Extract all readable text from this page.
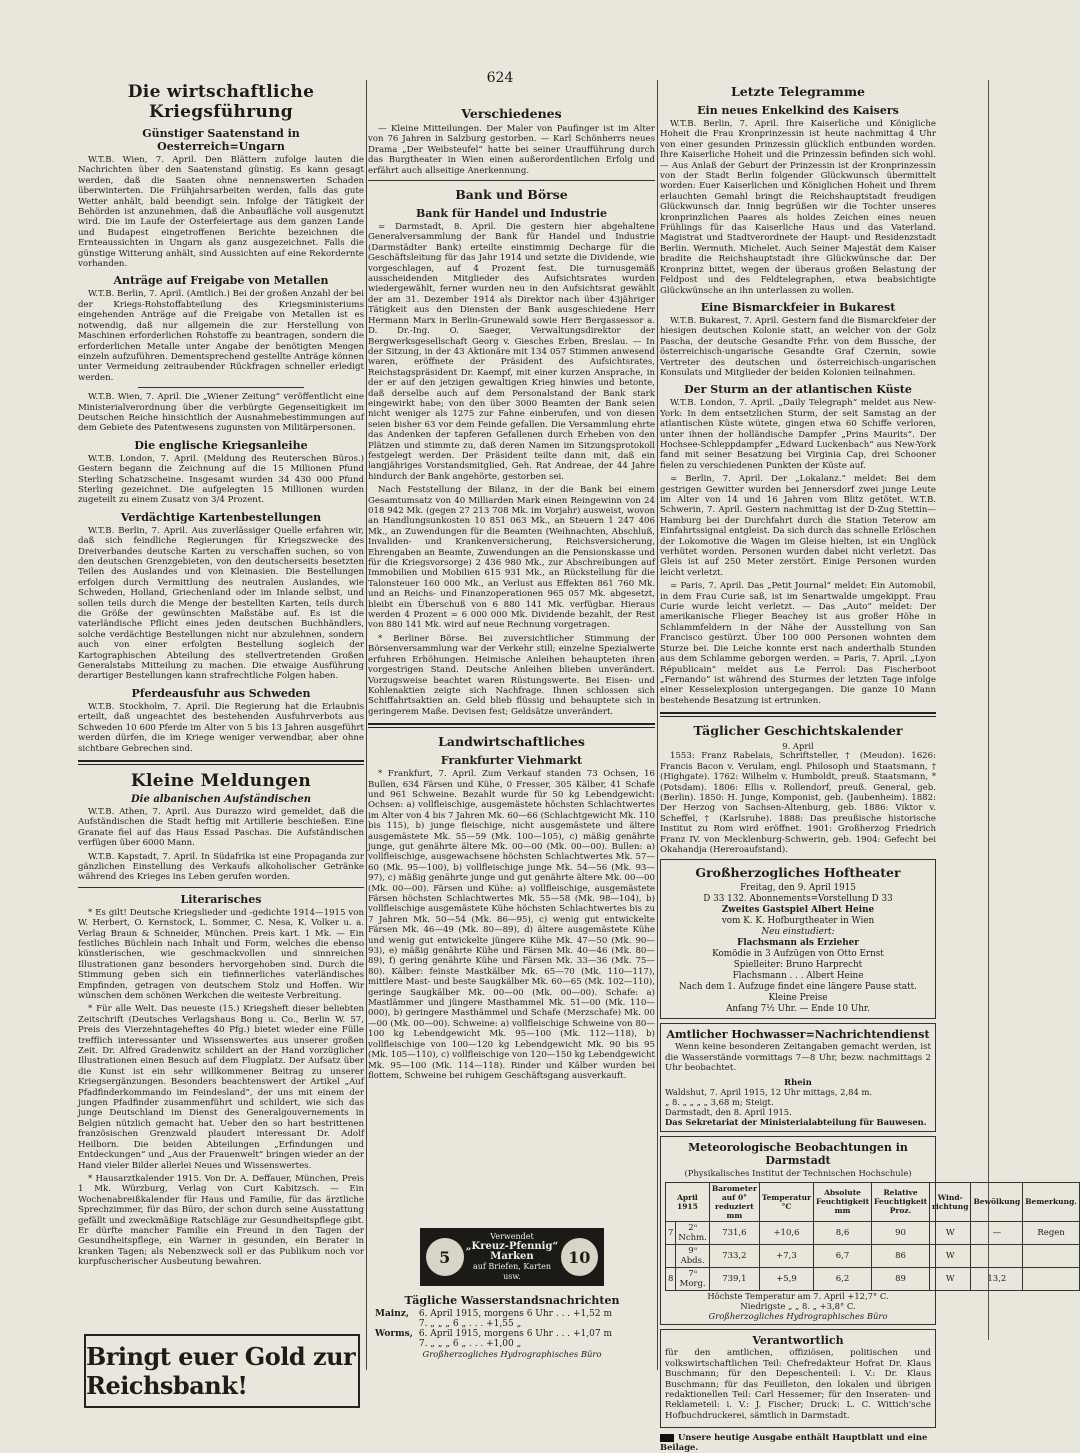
624
Die wirtschaftliche Kriegsführung
Günstiger Saatenstand in Oesterreich=Ungarn

W.T.B. Wien, 7. April. Den Blättern zufolge lauten die Nachrichten über den Saatenstand günstig. Es kann gesagt werden, daß die Saaten ohne nennenswerten Schaden überwinterten. Die Frühjahrsarbeiten werden, falls das gute Wetter anhält, bald beendigt sein. Infolge der Tätigkeit der Behörden ist anzunehmen, daß die Anbaufläche voll ausgenutzt wird. Die im Laufe der Osterfeiertage aus dem ganzen Lande und Budapest eingetroffenen Berichte bezeichnen die Ernteaussichten in Ungarn als ganz ausgezeichnet. Falls die günstige Witterung anhält, sind Aussichten auf eine Rekordernte vorhanden.

Anträge auf Freigabe von Metallen

W.T.B. Berlin, 7. April. (Amtlich.) Bei der großen Anzahl der bei der Kriegs-Rohstoffabteilung des Kriegsministeriums eingehenden Anträge auf die Freigabe von Metallen ist es notwendig, daß nur allgemein die zur Herstellung von Maschinen erforderlichen Rohstoffe zu beantragen, sondern die erforderlichen Metalle unter Angabe der benötigten Mengen einzeln aufzuführen. Dementsprechend gestellte Anträge können unter Vermeidung zeitraubender Rückfragen schneller erledigt werden.

W.T.B. Wien, 7. April. Die „Wiener Zeitung“ veröffentlicht eine Ministerialverordnung über die verbürgte Gegenseitigkeit im Deutschen Reiche hinsichtlich der Ausnahmebestimmungen auf dem Gebiete des Patentwesens zugunsten von Militärpersonen.

Die englische Kriegsanleihe

W.T.B. London, 7. April. (Meldung des Reuterschen Büros.) Gestern begann die Zeichnung auf die 15 Millionen Pfund Sterling Schatzscheine. Insgesamt wurden 34 430 000 Pfund Sterling gezeichnet. Die aufgelegten 15 Millionen wurden zugeteilt zu einem Zusatz von 3/4 Prozent.

Verdächtige Kartenbestellungen

W.T.B. Berlin, 7. April. Aus zuverlässiger Quelle erfahren wir, daß sich feindliche Regierungen für Kriegszwecke des Dreiverbandes deutsche Karten zu verschaffen suchen, so von den deutschen Grenzgebieten, von den deutscherseits besetzten Teilen des Auslandes und von Kleinasien. Die Bestellungen erfolgen durch Vermittlung des neutralen Auslandes, wie Schweden, Holland, Griechenland oder im Inlande selbst, und sollen teils durch die Menge der bestellten Karten, teils durch die Größe der gewünschten Maßstäbe auf. Es ist die vaterländische Pflicht eines jeden deutschen Buchhändlers, solche verdächtige Bestellungen nicht nur abzulehnen, sondern auch von einer erfolgten Bestellung sogleich der Kartographischen Abteilung des stellvertretenden Großen Generalstabs Mitteilung zu machen. Die etwaige Ausführung derartiger Bestellungen kann strafrechtliche Folgen haben.

Pferdeausfuhr aus Schweden

W.T.B. Stockholm, 7. April. Die Regierung hat die Erlaubnis erteilt, daß ungeachtet des bestehenden Ausfuhrverbots aus Schweden 10 600 Pferde im Alter von 5 bis 13 Jahren ausgeführt werden dürfen, die im Kriege weniger verwendbar, aber ohne sichtbare Gebrechen sind.

Kleine Meldungen
Die albanischen Aufständischen

W.T.B. Athen, 7. April. Aus Durazzo wird gemeldet, daß die Aufständischen die Stadt heftig mit Artillerie beschießen. Eine Granate fiel auf das Haus Essad Paschas. Die Aufständischen verfügen über 6000 Mann.

W.T.B. Kapstadt, 7. April. In Südafrika ist eine Propaganda zur gänzlichen Einstellung des Verkaufs alkoholischer Getränke während des Krieges ins Leben gerufen worden.

Literarisches

* Es gilt! Deutsche Kriegslieder und -gedichte 1914—1915 von W. Herbert, O. Kernstock, L. Sommer, C. Nesa, K. Volker u. a. Verlag Braun & Schneider, München. Preis kart. 1 Mk. — Ein festliches Büchlein nach Inhalt und Form, welches die ebenso künstlerischen, wie geschmackvollen und sinnreichen Illustrationen ganz besonders hervorgehoben sind. Durch die Stimmung geben sich ein tiefinnerliches vaterländisches Empfinden, getragen von deutschem Stolz und Hoffen. Wir wünschen dem schönen Werkchen die weiteste Verbreitung.

* Für alle Welt. Das neueste (15.) Kriegsheft dieser beliebten Zeitschrift (Deutsches Verlagshaus Bong u. Co., Berlin W. 57, Preis des Vierzehntageheftes 40 Pfg.) bietet wieder eine Fülle trefflich interessanter und Wissenswertes aus unserer großen Zeit. Dr. Alfred Gradenwitz schildert an der Hand vorzüglicher Illustrationen einen Besuch auf dem Flugplatz. Der Aufsatz über die Kunst ist ein sehr willkommener Beitrag zu unserer Kriegsergänzungen. Besonders beachtenswert der Artikel „Auf Pfadfinderkommando im Feindesland“, der uns mit einem der jungen Pfadfinder zusammenführt und schildert, wie sich das junge Deutschland im Dienst des Generalgouvernements in Belgien nützlich gemacht hat. Ueber den so hart bestrittenen französischen Grenzwald plaudert interessant Dr. Adolf Heilborn. Die beiden Abteilungen „Erfindungen und Entdeckungen“ und „Aus der Frauenwelt“ bringen wieder an der Hand vieler Bilder allerlei Neues und Wissenswertes.

* Hausarztkalender 1915. Von Dr. A. Deffauer, München, Preis 1 Mk. Würzburg, Verlag von Curt Kabitzsch. — Ein Wochenabreißkalender für Haus und Familie, für das ärztliche Sprechzimmer, für das Büro, der schon durch seine Ausstattung gefällt und zweckmäßige Ratschläge zur Gesundheitspflege gibt. Er dürfte mancher Familie ein Freund in den Tagen der Gesundheitspflege, ein Warner in gesunden, ein Berater in kranken Tagen; als Nebenzweck soll er das Publikum noch vor kurpfuscherischer Ausbeutung bewahren.

Bringt euer Gold zur Reichsbank!
Verschiedenes

— Kleine Mitteilungen. Der Maler von Paufinger ist im Alter von 76 Jahren in Salzburg gestorben. — Karl Schönherrs neues Drama „Der Weibsteufel“ hatte bei seiner Uraufführung durch das Burgtheater in Wien einen außerordentlichen Erfolg und erfährt auch allseitige Anerkennung.

Bank und Börse
Bank für Handel und Industrie

= Darmstadt, 8. April. Die gestern hier abgehaltene Generalversammlung der Bank für Handel und Industrie (Darmstädter Bank) erteilte einstimmig Decharge für die Geschäftsleitung für das Jahr 1914 und setzte die Dividende, wie vorgeschlagen, auf 4 Prozent fest. Die turnusgemäß ausscheidenden Mitglieder des Aufsichtsrates wurden wiedergewählt, ferner wurden neu in den Aufsichtsrat gewählt der am 31. Dezember 1914 als Direktor nach über 43jähriger Tätigkeit aus den Diensten der Bank ausgeschiedene Herr Hermann Marx in Berlin-Grunewald sowie Herr Bergassessor a. D. Dr.-Ing. O. Saeger, Verwaltungsdirektor der Bergwerksgesellschaft Georg v. Giesches Erben, Breslau. — In der Sitzung, in der 43 Aktionäre mit 134 057 Stimmen anwesend waren, eröffnete der Präsident des Aufsichtsrates, Reichstagspräsident Dr. Kaempf, mit einer kurzen Ansprache, in der er auf den jetzigen gewaltigen Krieg hinwies und betonte, daß derselbe auch auf dem Personalstand der Bank stark eingewirkt habe; von den über 3000 Beamten der Bank seien nicht weniger als 1275 zur Fahne einberufen, und von diesen seien bisher 63 vor dem Feinde gefallen. Die Versammlung ehrte das Andenken der tapferen Gefallenen durch Erheben von den Plätzen und stimmte zu, daß deren Namen im Sitzungsprotokoll festgelegt werden. Der Präsident teilte dann mit, daß ein langjähriges Vorstandsmitglied, Geh. Rat Andreae, der 44 Jahre hindurch der Bank angehörte, gestorben sei.

Nach Feststellung der Bilanz, in der die Bank bei einem Gesamtumsatz von 40 Milliarden Mark einen Reingewinn von 24 018 942 Mk. (gegen 27 213 708 Mk. im Vorjahr) ausweist, wovon an Handlungsunkosten 10 851 063 Mk., an Steuern 1 247 406 Mk., an Zuwendungen für die Beamten (Weihnachten, Abschluß, Invaliden- und Krankenversicherung, Reichsversicherung, Ehrengaben an Beamte, Zuwendungen an die Pensionskasse und für die Kriegsvorsorge) 2 436 980 Mk., zur Abschreibungen auf Immobilien und Mobilien 615 931 Mk., an Rückstellung für die Talonsteuer 160 000 Mk., an Verlust aus Effekten 861 760 Mk. und an Reichs- und Finanzoperationen 965 057 Mk. abgesetzt, bleibt ein Überschuß von 6 880 141 Mk. verfügbar. Hieraus werden 4 Prozent = 6 000 000 Mk. Dividende bezahlt, der Rest von 880 141 Mk. wird auf neue Rechnung vorgetragen.

* Berliner Börse. Bei zuversichtlicher Stimmung der Börsenversammlung war der Verkehr still; einzelne Spezialwerte erfuhren Erhöhungen. Heimische Anleihen behaupteten ihren vorgestrigen Stand. Deutsche Anleihen blieben unverändert. Vorzugsweise beachtet waren Rüstungswerte. Bei Eisen- und Kohlenaktien zeigte sich Nachfrage. Ihnen schlossen sich Schiffahrtsaktien an. Geld blieb flüssig und behauptete sich in geringerem Maße. Devisen fest; Geldsätze unverändert.

Landwirtschaftliches
Frankfurter Viehmarkt

* Frankfurt, 7. April. Zum Verkauf standen 73 Ochsen, 16 Bullen, 634 Färsen und Kühe, 0 Fresser, 305 Kälber, 41 Schafe und 961 Schweine. Bezahlt wurde für 50 kg Lebendgewicht: Ochsen: a) vollfleischige, ausgemästete höchsten Schlachtwertes im Alter von 4 bis 7 Jahren Mk. 60—66 (Schlachtgewicht Mk. 110 bis 115), b) junge fleischige, nicht ausgemästete und ältere ausgemästete Mk. 55—59 (Mk. 100—105), c) mäßig genährte junge, gut genährte ältere Mk. 00—00 (Mk. 00—00). Bullen: a) vollfleischige, ausgewachsene höchsten Schlachtwertes Mk. 57—60 (Mk. 95—100), b) vollfleischige junge Mk. 54—56 (Mk. 93—97), c) mäßig genährte junge und gut genährte ältere Mk. 00—00 (Mk. 00—00). Färsen und Kühe: a) vollfleischige, ausgemästete Färsen höchsten Schlachtwertes Mk. 55—58 (Mk. 98—104), b) vollfleischige ausgemästete Kühe höchsten Schlachtwertes bis zu 7 Jahren Mk. 50—54 (Mk. 86—95), c) wenig gut entwickelte Färsen Mk. 46—49 (Mk. 80—89), d) ältere ausgemästete Kühe und wenig gut entwickelte jüngere Kühe Mk. 47—50 (Mk. 90—93), e) mäßig genährte Kühe und Färsen Mk. 40—46 (Mk. 80—89), f) gering genährte Kühe und Färsen Mk. 33—36 (Mk. 75—80). Kälber: feinste Mastkälber Mk. 65—70 (Mk. 110—117), mittlere Mast- und beste Saugkälber Mk. 60—65 (Mk. 102—110), geringe Saugkälber Mk. 00—00 (Mk. 00—00). Schafe: a) Mastlämmer und jüngere Masthammel Mk. 51—00 (Mk. 110—000), b) geringere Masthämmel und Schafe (Merzschafe) Mk. 00—00 (Mk. 00—00). Schweine: a) vollfleischige Schweine von 80—100 kg Lebendgewicht Mk. 95—100 (Mk. 112—118), b) vollfleischige von 100—120 kg Lebendgewicht Mk. 90 bis 95 (Mk. 105—110), c) vollfleischige von 120—150 kg Lebendgewicht Mk. 95—100 (Mk. 114—118). Rinder und Kälber wurden bei flottem, Schweine bei ruhigem Geschäftsgang ausverkauft.

5
Verwendet
„Kreuz-Pfennig“
Marken
auf Briefen, Karten usw.
10
Tägliche Wasserstandsnachrichten
Mainz,	6. April 1915, morgens 6 Uhr . . . +1,52 m
	7. „ „ „ 6 „ . . . +1,55 „
Worms,	6. April 1915, morgens 6 Uhr . . . +1,07 m
	7. „ „ „ 6 „ . . . +1,00 „
Großherzogliches Hydrographisches Büro
Letzte Telegramme
Ein neues Enkelkind des Kaisers

W.T.B. Berlin, 7. April. Ihre Kaiserliche und Königliche Hoheit die Frau Kronprinzessin ist heute nachmittag 4 Uhr von einer gesunden Prinzessin glücklich entbunden worden. Ihre Kaiserliche Hoheit und die Prinzessin befinden sich wohl. — Aus Anlaß der Geburt der Prinzessin ist der Kronprinzessin von der Stadt Berlin folgender Glückwunsch übermittelt worden: Euer Kaiserlichen und Königlichen Hoheit und Ihrem erlauchten Gemahl bringt die Reichshauptstadt freudigen Glückwunsch dar. Innig begrüßen wir die Tochter unseres kronprinzlichen Paares als holdes Zeichen eines neuen Frühlings für das Kaiserliche Haus und das Vaterland. Magistrat und Stadtverordnete der Haupt- und Residenzstadt Berlin. Wermuth. Michelet. Auch Seiner Majestät dem Kaiser bradite die Reichshauptstadt ihre Glückwünsche dar. Der Kronprinz bittet, wegen der überaus großen Belastung der Feldpost und des Feldtelegraphen, etwa beabsichtigte Glückwünsche an ihn unterlassen zu wollen.

Eine Bismarckfeier in Bukarest

W.T.B. Bukarest, 7. April. Gestern fand die Bismarckfeier der hiesigen deutschen Kolonie statt, an welcher von der Golz Pascha, der deutsche Gesandte Frhr. von dem Bussche, der österreichisch-ungarische Gesandte Graf Czernin, sowie Vertreter des deutschen und österreichisch-ungarischen Konsulats und Mitglieder der beiden Kolonien teilnahmen.

Der Sturm an der atlantischen Küste

W.T.B. London, 7. April. „Daily Telegraph“ meldet aus New-York: In dem entsetzlichen Sturm, der seit Samstag an der atlantischen Küste wütete, gingen etwa 60 Schiffe verloren, unter ihnen der holländische Dampfer „Prins Maurits“. Der Hochsee-Schleppdampfer „Edward Luckenbach“ aus New-York fand mit seiner Besatzung bei Virginia Cap, drei Schooner fielen zu verschiedenen Punkten der Küste auf.

= Berlin, 7. April. Der „Lokalanz.“ meldet: Bei dem gestrigen Gewitter wurden bei Jennersdorf zwei junge Leute im Alter von 14 und 16 Jahren vom Blitz getötet. W.T.B. Schwerin, 7. April. Gestern nachmittag ist der D-Zug Stettin—Hamburg bei der Durchfahrt durch die Station Teterow am Einfahrtssignal entgleist. Da sich durch das schnelle Erlöschen der Lokomotive die Wagen im Gleise hielten, ist ein Unglück verhütet worden. Personen wurden dabei nicht verletzt. Das Gleis ist auf 250 Meter zerstört. Einige Personen wurden leicht verletzt.

= Paris, 7. April. Das „Petit Journal“ meldet: Ein Automobil, in dem Frau Curie saß, ist im Senartwalde umgekippt. Frau Curie wurde leicht verletzt. — Das „Auto“ meldet: Der amerikanische Flieger Beachey ist aus großer Höhe in Schlammfeldern in der Nähe der Ausstellung von San Francisco gestürzt. Über 100 000 Personen wohnten dem Sturze bei. Die Leiche konnte erst nach anderthalb Stunden aus dem Schlamme geborgen werden. = Paris, 7. April. „Lyon Républicain“ meldet aus Le Ferrol: Das Fischerboot „Fernando“ ist während des Sturmes der letzten Tage infolge einer Kesselexplosion untergegangen. Die ganze 10 Mann bestehende Besatzung ist ertrunken.

Täglicher Geschichtskalender
9. April

1553: Franz Rabelais, Schriftsteller, † (Meudon). 1626: Francis Bacon v. Verulam, engl. Philosoph und Staatsmann, † (Highgate). 1762: Wilhelm v. Humboldt, preuß. Staatsmann, * (Potsdam). 1806: Ellis v. Rollendorf, preuß. General, geb. (Berlin). 1850: H. Junge, Komponist, geb. (Jaubenheim). 1882: Der Herzog von Sachsen-Altenburg, geb. 1886: Viktor v. Scheffel, † (Karlsruhe). 1888: Das preußische historische Institut zu Rom wird eröffnet. 1901: Großherzog Friedrich Franz IV. von Mecklenburg-Schwerin, geb. 1904: Gefecht bei Okahandja (Hereroaufstand).

Großherzogliches Hoftheater

Freitag, den 9. April 1915

D 33 132. Abonnements=Vorstellung D 33

Zweites Gastspiel Albert Heine

vom K. K. Hofburgtheater in Wien

Neu einstudiert:

Flachsmann als Erzieher

Komödie in 3 Aufzügen von Otto Ernst

Spielleiter: Bruno Harprecht

Flachsmann . . . Albert Heine

Nach dem 1. Aufzuge findet eine längere Pause statt.

Kleine Preise

Anfang 7½ Uhr. — Ende 10 Uhr.

Amtlicher Hochwasser=Nachrichtendienst

Wenn keine besonderen Zeitangaben gemacht werden, ist die Wasserstände vormittags 7—8 Uhr, bezw. nachmittags 2 Uhr beobachtet.

Rhein
Waldshut, 7. April 1915, 12 Uhr mittags, 2,84 m.
„ 8. „ „ „ „ 3,68 m; Steigt.
Darmstadt, den 8. April 1915.
Das Sekretariat der Ministerialabteilung für Bauwesen.
Meteorologische Beobachtungen in Darmstadt
(Physikalisches Institut der Technischen Hochschule)
April 1915		Barometer auf 0° reduziert mm	Temperatur °C	Absolute Feuchtigkeit mm	Relative Feuchtigkeit Proz.	Wind-richtung	Bewölkung	Bemerkung.
7	2ᵘ Nchm.	731,6	+10,6	8,6	90	W	—	Regen
	9ᵘ Abds.	733,2	+7,3	6,7	86	W		
8	7ᵘ Morg.	739,1	+5,9	6,2	89	W	13,2	
Höchste Temperatur am 7. April +12,7° C.
Niedrigste „ „ 8. „ +3,8° C.
Großherzogliches Hydrographisches Büro
Verantwortlich

für den amtlichen, offiziösen, politischen und volkswirtschaftlichen Teil: Chefredakteur Hofrat Dr. Klaus Buschmann; für den Depeschenteil: i. V.: Dr. Klaus Buschmann; für das Feuilleton, den lokalen und übrigen redaktionellen Teil: Carl Hessemer; für den Inseraten- und Reklameteil: i. V.: J. Fischer; Druck: L. C. Wittich'sche Hofbuchdruckerei, sämtlich in Darmstadt.

Unsere heutige Ausgabe enthält Hauptblatt und eine Beilage.
